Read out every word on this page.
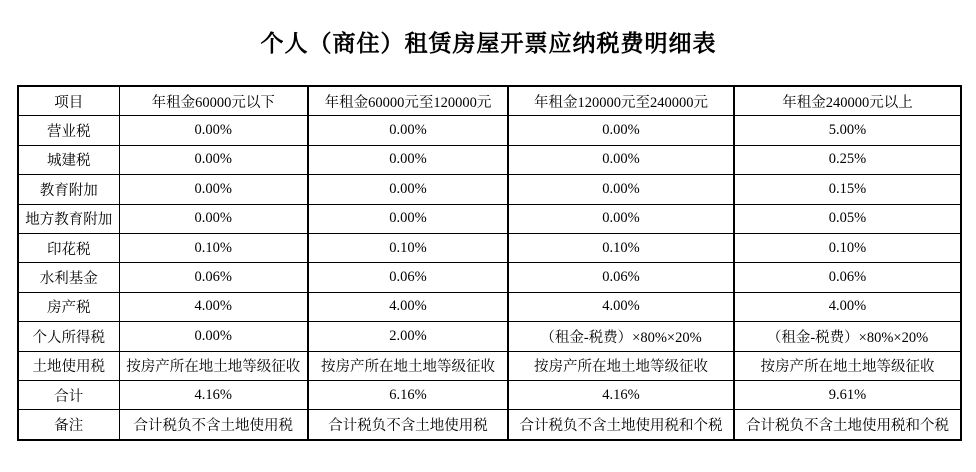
个人（商住）租赁房屋开票应纳税费明细表
项目	年租金60000元以下	年租金60000元至120000元	年租金120000元至240000元	年租金240000元以上
营业税	0.00%	0.00%	0.00%	5.00%
城建税	0.00%	0.00%	0.00%	0.25%
教育附加	0.00%	0.00%	0.00%	0.15%
地方教育附加	0.00%	0.00%	0.00%	0.05%
印花税	0.10%	0.10%	0.10%	0.10%
水利基金	0.06%	0.06%	0.06%	0.06%
房产税	4.00%	4.00%	4.00%	4.00%
个人所得税	0.00%	2.00%	（租金-税费）×80%×20%	（租金-税费）×80%×20%
土地使用税	按房产所在地土地等级征收	按房产所在地土地等级征收	按房产所在地土地等级征收	按房产所在地土地等级征收
合计	4.16%	6.16%	4.16%	9.61%
备注	合计税负不含土地使用税	合计税负不含土地使用税	合计税负不含土地使用税和个税	合计税负不含土地使用税和个税
